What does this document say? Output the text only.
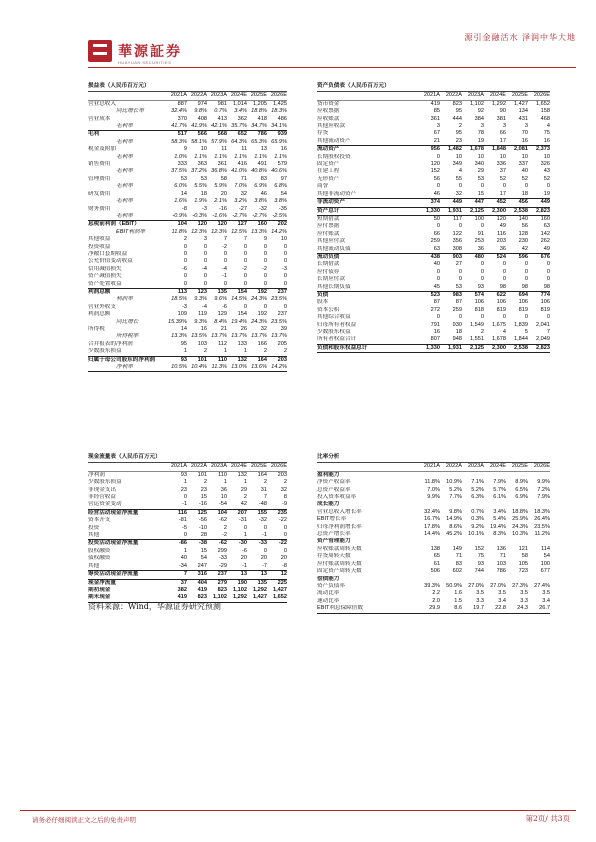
華源証券
HUAYUAN SECURITIES
源引金融活水 泽润中华大地
损益表（人民币百万元）
2021A 2022A 2023A 2024E 2025E 2026E
营业总收入	887	974	981	1,014	1,205	1,425
同比增长率	32.4%	9.8%	0.7%	3.4% 18.8% 18.3%
营业成本	370	408	413	362	418	486
毛利率	41.7% 41.9% 42.1% 35.7% 34.7% 34.1%
毛利	517	566	568	652	786	939
毛利率	58.3% 58.1% 57.9% 64.3% 65.3% 65.9%
税金及附加	9	10	11	11	13	16
毛利率	1.0%	1.1%	1.1%	1.1%	1.1%	1.1%
销售费用	333	363	361	416	491	579
毛利率	37.5% 37.2% 36.8% 41.0% 40.8% 40.6%
管理费用	53	53	58	71	83	97
毛利率	6.0%	5.5%	5.9%	7.0%	6.9%	6.8%
研发费用	14	18	20	32	46	54
毛利率	1.6%	1.9%	2.1%	3.2%	3.8%	3.8%
财务费用	-8	-3	-16	-27	-32	-35
毛利率	-0.9% -0.3% -1.6% -2.7% -2.7% -2.5%
息税前利润（EBIT）	104	120	120	127	160	202
EBIT利润率	11.8% 12.3% 12.3% 12.5% 13.3% 14.2%
其他收益	2	3	7	7	9	10
投资收益	0	0	-2	0	0	0
净敞口套期收益	0	0	0	0	0	0
公允价值变动收益	0	0	0	0	0	0
信用减值损失	-6	-4	-4	-2	-2	-3
资产减值损失	0	0	-1	0	0	0
资产处置收益	0	0	0	0	0	0
利润总额	113	123	135	154	192	237
利润率	18.5%	9.3%	9.6% 14.5% 24.3% 23.5%
营业外收支	-3	-4	-6	0	0	0
利润总额	109	119	129	154	192	237
同比增长	15.39%	9.3%	8.4% 19.4% 24.3% 23.5%
所得税	14	16	21	26	32	39
所得税率	13.3% 13.5% 13.7% 13.7% 13.7% 13.7%
合并报表的净利润	95	103	112	133	166	205
少数股东损益	1	2	1	1	2	2
归属于母公司股东的净利润	93	101	110	132	164	203
净利率	10.5% 10.4% 11.3% 13.0% 13.6% 14.2%
资产负债表（人民币百万元）
2021A	2022A	2023A	2024E	2025E	2026E
货币资金	419	823	1,102	1,292	1,427	1,652
应收票据	85	95	92	90	134	158
应收账款	361	444	384	381	431	468
其他应收款	3	2	3	3	3	4
存货	67	95	78	66	70	75
其他流动资产	21	23	19	17	16	16
流动资产	956	1,482	1,678	1,848	2,081	2,373
长期股权投资	0	10	10	10	10	10
固定资产	120	349	340	336	337	326
在建工程	152	4	29	37	40	43
无形资产	56	55	53	52	52	52
商誉	0	0	0	0	0	0
其他非流动资产	46	32	15	17	18	19
非流动资产	374	449	447	452	456	449
资产总计	1,330	1,931	2,125	2,300	2,538	2,823
短期借款	50	117	100	120	140	160
应付票据	0	0	0	49	56	63
应付账款	66	122	91	116	128	142
其他应付款	259	356	253	203	230	262
其他流动负债	63	308	36	36	42	49
流动负债	438	903	480	524	596	676
长期借款	40	27	0	0	0	0
应付债券	0	0	0	0	0	0
长期应付款	0	0	0	0	0	0
其他长期负债	45	53	93	98	98	98
负债	523	983	574	622	694	774
股本	87	87	106	106	106	106
资本公积	272	259	818	819	819	819
其他综合收益	0	0	0	0	0	0
归母所有者权益	791	930	1,549	1,675	1,839	2,041
少数股东权益	16	18	2	4	5	7
所有者权益合计	807	948	1,551	1,678	1,844	2,049
负债和股东权益总计	1,330	1,931	2,125	2,300	2,538	2,823
现金流量表（人民币百万元）
2021A 2022A 2023A 2024E 2025E 2026E
净利润	93	101	110	132	164	203
少数股东损益	1	2	1	1	2	2
非现金支出	23	23	36	29	31	32
非经营收益	0	15	10	2	7	8
营运资金变动	-1	-16	-54	42	-48	-9
经营活动现金净流量	116	125	104	207	155	235
资本开支	-81	-56	-62	-31	-32	-22
投资	-5	-10	2	0	0	0
其他	0	28	-2	1	-1	0
投资活动现金净流量	-86	-38	-62	-30	-33	-22
股权融资	1	15	299	-6	0	0
债权融资	40	54	-33	20	20	20
其他	-34	247	-29	-1	-7	-8
筹资活动现金净流量	7	316	237	13	13	12
现金净流量	37	404	279	190	135	225
期初现金	382	419	823	1,102	1,292	1,427
期末现金	419	823	1,102	1,292	1,427	1,652
比率分析
2021A	2022A	2023A	2024E	2025E	2026E
盈利能力
净资产收益率	11.8%	10.9%	7.1%	7.9%	8.9%	9.9%
总资产收益率	7.0%	5.2%	5.2%	5.7%	6.5%	7.2%
投入资本收益率	9.9%	7.7%	6.3%	6.1%	6.9%	7.9%
成长能力
营业总收入增长率	32.4%	9.8%	0.7%	3.4%	18.8%	18.3%
EBIT增长率	16.7%	14.9%	0.3%	5.4%	25.9%	26.4%
归母净利润增长率	17.8%	8.6%	9.2%	19.4%	24.3%	23.5%
总资产增长率	14.4%	45.2%	10.1%	8.3%	10.3%	11.2%
资产管理能力
应收账款周转天数	138	149	152	136	121	114
存货周转天数	65	71	75	71	58	54
应付账款周转天数	61	83	93	103	105	100
固定资产周转天数	506	602	744	786	723	677
偿债能力
资产负债率	39.3%	50.9%	27.0%	27.0%	27.3%	27.4%
流动比率	2.2	1.6	3.5	3.5	3.5	3.5
速动比率	2.0	1.5	3.3	3.4	3.3	3.4
EBIT利息保障倍数	29.9	8.6	19.7	22.8	24.3	26.7
资料来源：Wind，华源证券研究预测
请务必仔细阅读正文之后的免责声明	第2页/ 共3页
